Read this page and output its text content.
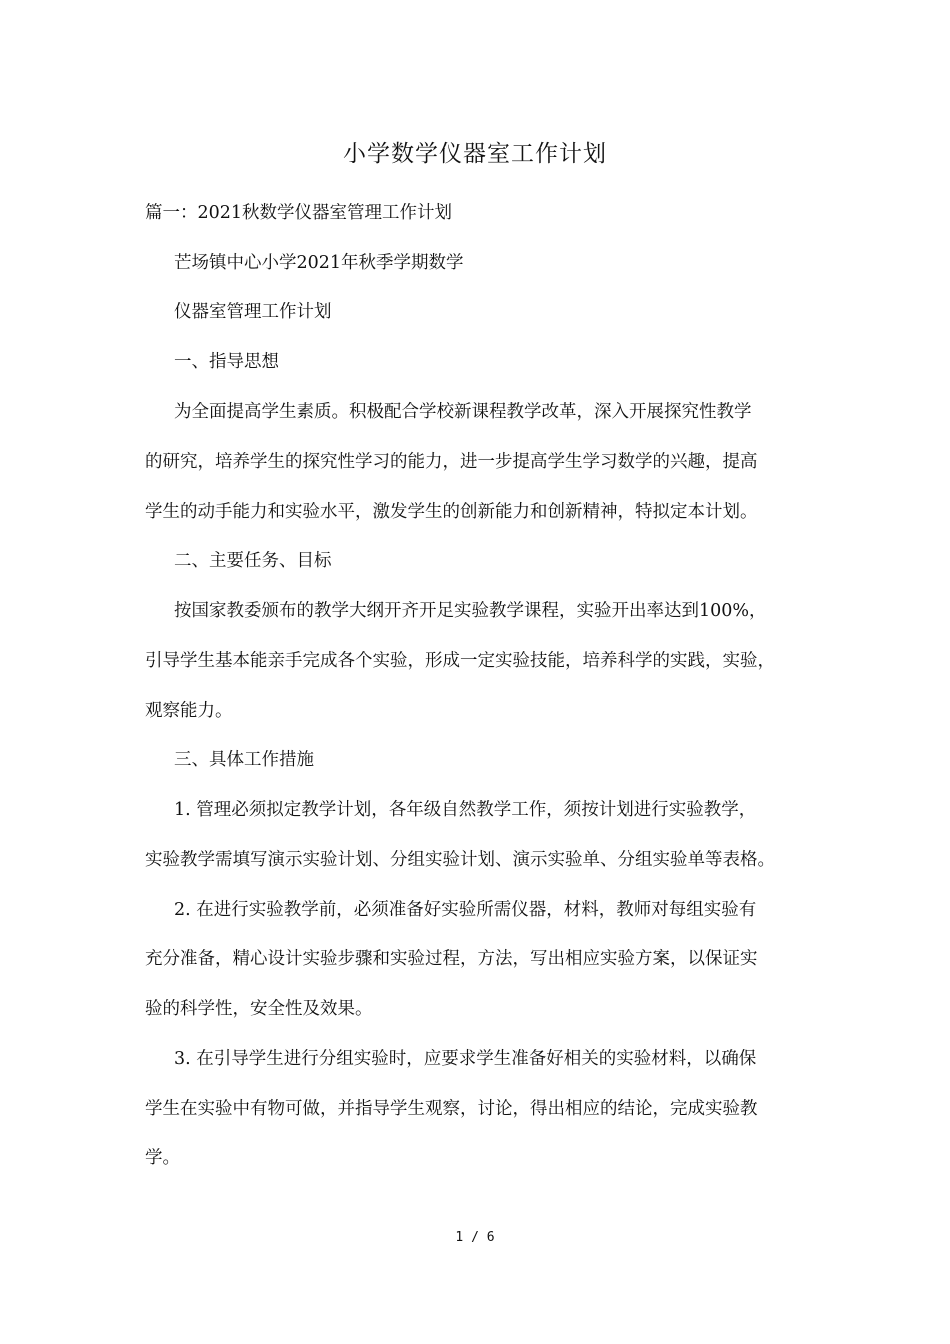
小学数学仪器室工作计划
篇一：2021秋数学仪器室管理工作计划
芒场镇中心小学2021年秋季学期数学
仪器室管理工作计划
一、指导思想
为全面提高学生素质。积极配合学校新课程教学改革，深入开展探究性教学
的研究，培养学生的探究性学习的能力，进一步提高学生学习数学的兴趣，提高
学生的动手能力和实验水平，激发学生的创新能力和创新精神，特拟定本计划。
二、主要任务、目标
按国家教委颁布的教学大纲开齐开足实验教学课程，实验开出率达到100%，
引导学生基本能亲手完成各个实验，形成一定实验技能，培养科学的实践，实验，
观察能力。
三、具体工作措施
1. 管理必须拟定教学计划，各年级自然教学工作，须按计划进行实验教学，
实验教学需填写演示实验计划、分组实验计划、演示实验单、分组实验单等表格。
2. 在进行实验教学前，必须准备好实验所需仪器，材料，教师对每组实验有
充分准备，精心设计实验步骤和实验过程，方法，写出相应实验方案，以保证实
验的科学性，安全性及效果。
3. 在引导学生进行分组实验时，应要求学生准备好相关的实验材料，以确保
学生在实验中有物可做，并指导学生观察，讨论，得出相应的结论，完成实验教
学。
1 / 6
